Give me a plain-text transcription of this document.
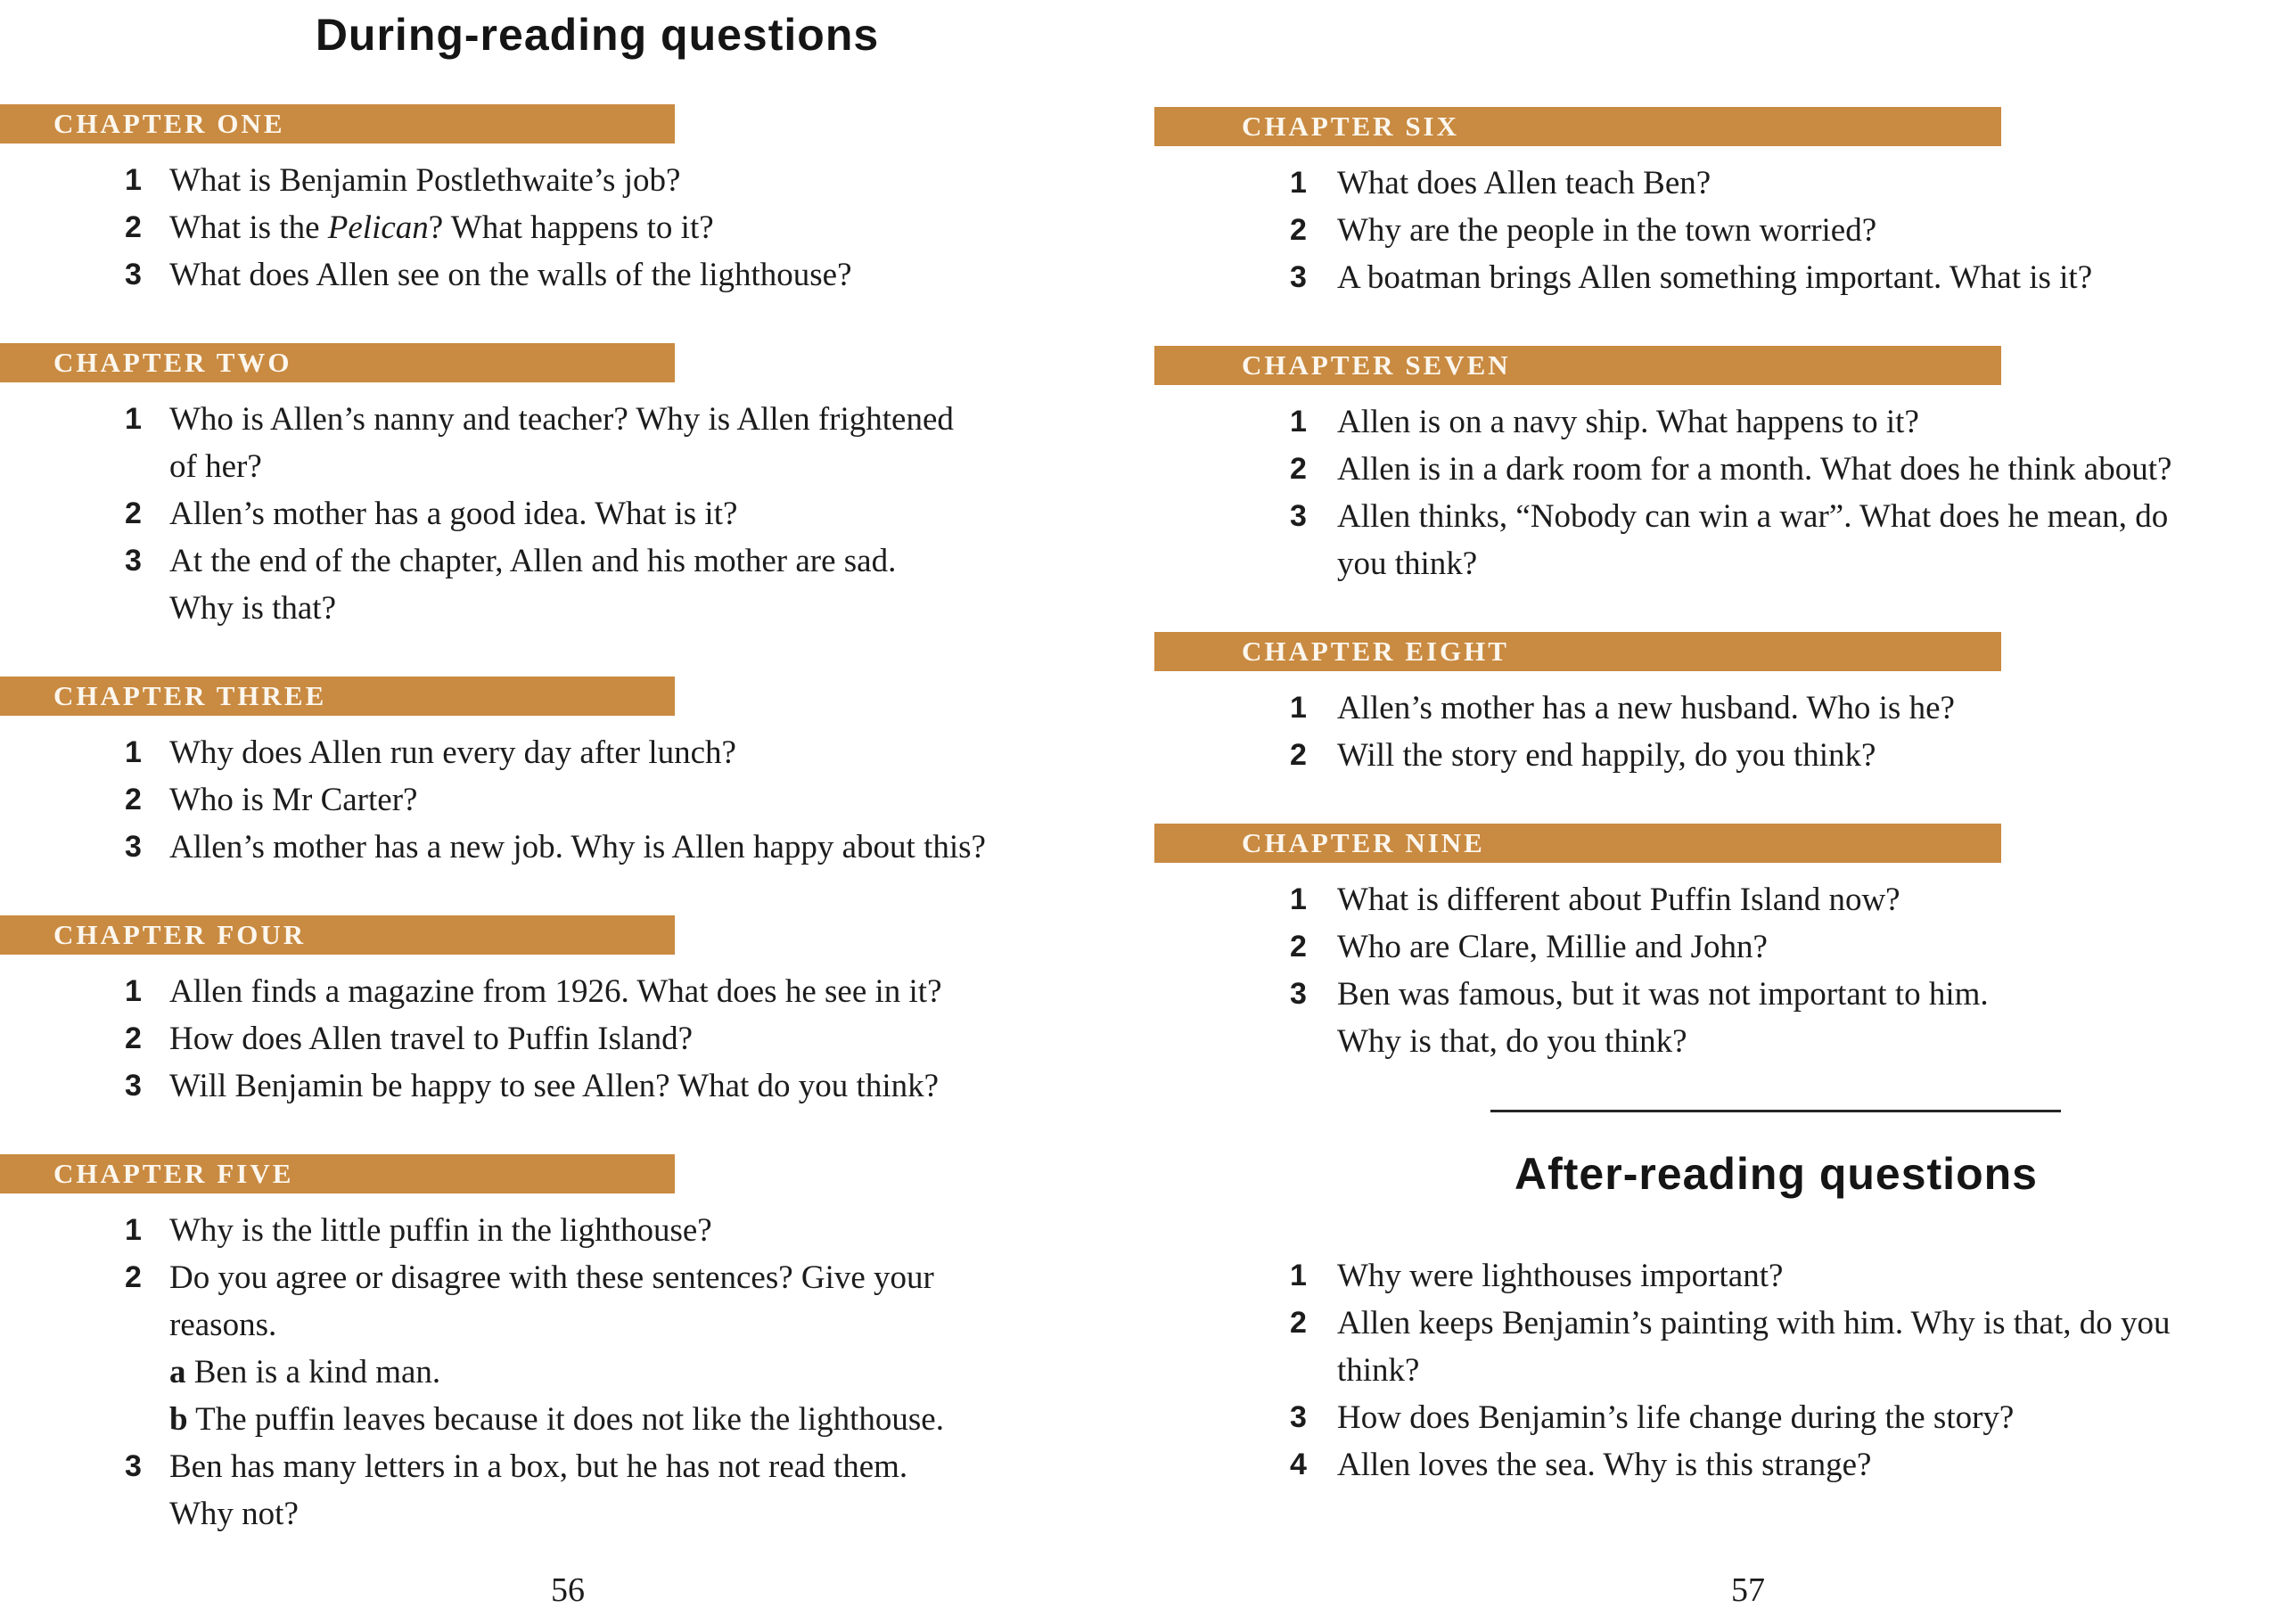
During-reading questions
CHAPTER ONE
1 What is Benjamin Postlethwaite’s job?
2 What is the Pelican? What happens to it?
3 What does Allen see on the walls of the lighthouse?
CHAPTER TWO
1 Who is Allen’s nanny and teacher? Why is Allen frightened
of her?
2 Allen’s mother has a good idea. What is it?
3 At the end of the chapter, Allen and his mother are sad.
Why is that?
CHAPTER THREE
1 Why does Allen run every day after lunch?
2 Who is Mr Carter?
3 Allen’s mother has a new job. Why is Allen happy about this?
CHAPTER FOUR
1 Allen finds a magazine from 1926. What does he see in it?
2 How does Allen travel to Puffin Island?
3 Will Benjamin be happy to see Allen? What do you think?
CHAPTER FIVE
1 Why is the little puffin in the lighthouse?
2 Do you agree or disagree with these sentences? Give your
reasons.
a Ben is a kind man.
b The puffin leaves because it does not like the lighthouse.
3 Ben has many letters in a box, but he has not read them.
Why not?
CHAPTER SIX
1 What does Allen teach Ben?
2 Why are the people in the town worried?
3 A boatman brings Allen something important. What is it?
CHAPTER SEVEN
1 Allen is on a navy ship. What happens to it?
2 Allen is in a dark room for a month. What does he think about?
3 Allen thinks, “Nobody can win a war”. What does he mean, do
you think?
CHAPTER EIGHT
1 Allen’s mother has a new husband. Who is he?
2 Will the story end happily, do you think?
CHAPTER NINE
1 What is different about Puffin Island now?
2 Who are Clare, Millie and John?
3 Ben was famous, but it was not important to him.
Why is that, do you think?
After-reading questions
1 Why were lighthouses important?
2 Allen keeps Benjamin’s painting with him. Why is that, do you
think?
3 How does Benjamin’s life change during the story?
4 Allen loves the sea. Why is this strange?
56	57
